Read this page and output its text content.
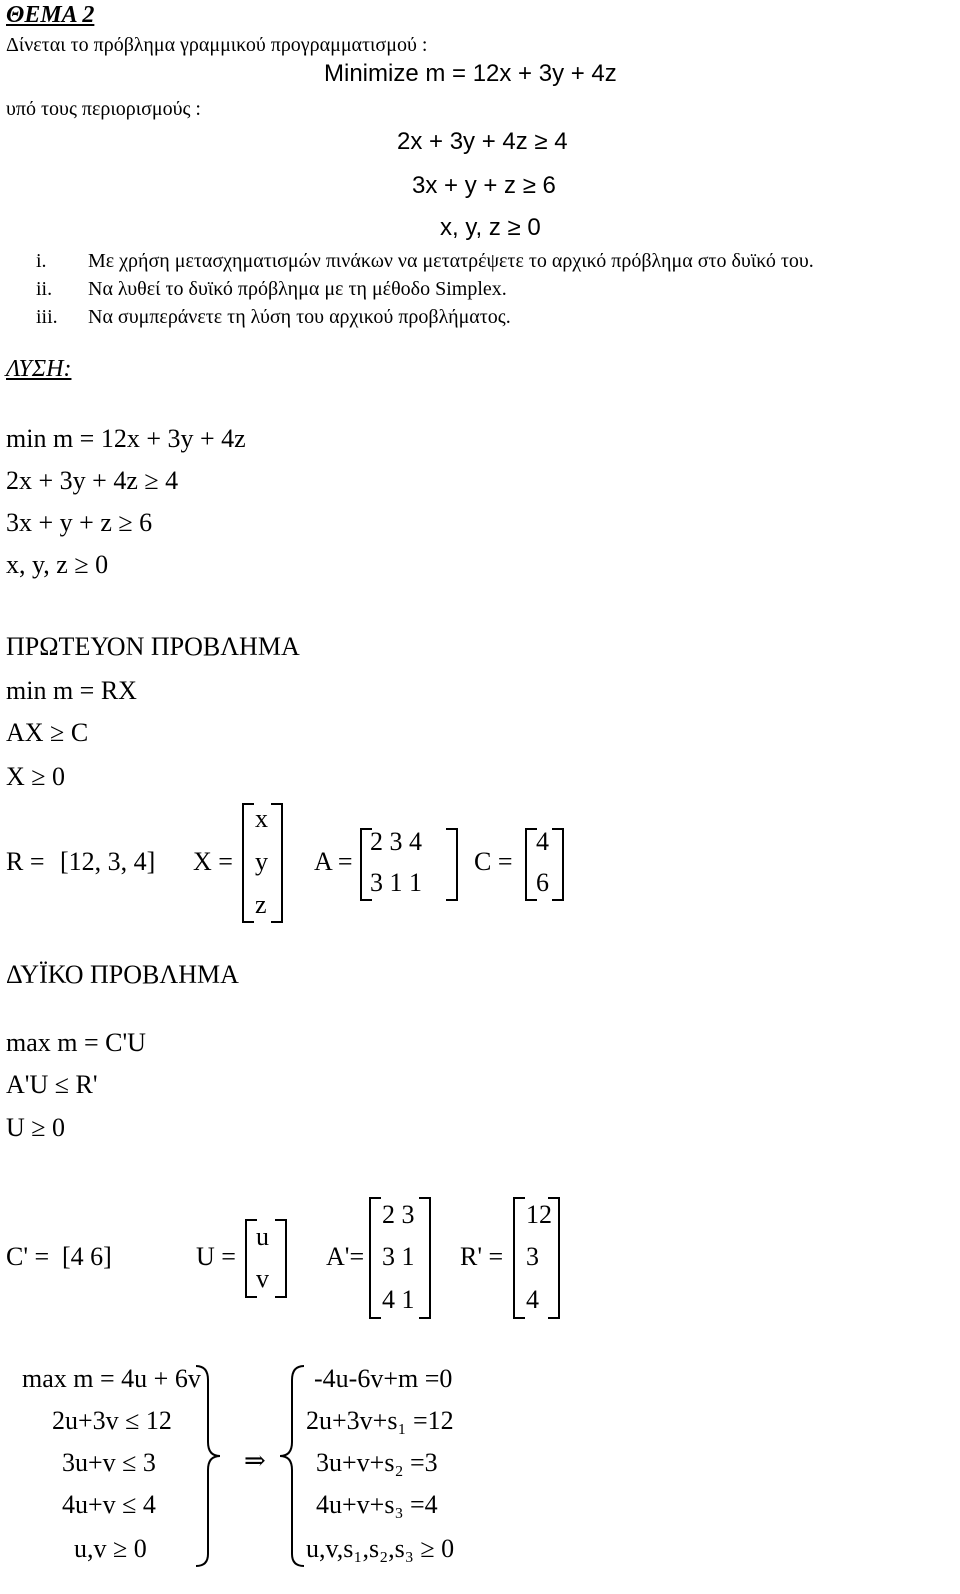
ΘΕΜΑ 2
Δίνεται το πρόβλημα γραμμικού προγραμματισμού :
Minimize m = 12x + 3y + 4z
υπό τους περιορισμούς :
2x + 3y + 4z ≥ 4
3x + y + z ≥ 6
x, y, z ≥ 0
i. Με χρήση μετασχηματισμών πινάκων να μετατρέψετε το αρχικό πρόβλημα στο δυϊκό του.
ii. Να λυθεί το δυϊκό πρόβλημα με τη μέθοδο Simplex.
iii. Να συμπεράνετε τη λύση του αρχικού προβλήματος.
ΛΥΣΗ:
min m = 12x + 3y + 4z
2x + 3y + 4z ≥ 4
3x + y + z ≥ 6
x, y, z ≥ 0
ΠΡΩΤΕΥΟΝ ΠΡΟΒΛΗΜΑ
min m = RX
AX ≥ C
X ≥ 0
R = [12, 3, 4] X =
x
y
z
A =
2 3 4
3 1 1
C =
4
6
ΔΥΪΚΟ ΠΡΟΒΛΗΜΑ
max m = C'U
A'U ≤ R'
U ≥ 0
C' = [4 6]	U =
u
v
A'=
2 3
3 1
4 1
R' =
12
3
4
max m = 4u + 6v
2u+3v ≤ 12
3u+v ≤ 3
4u+v ≤ 4
u,v ≥ 0
⇒
-4u-6v+m =0
2u+3v+s₁ =12
3u+v+s₂ =3
4u+v+s₃ =4
u,v,s₁,s₂,s₃ ≥ 0
